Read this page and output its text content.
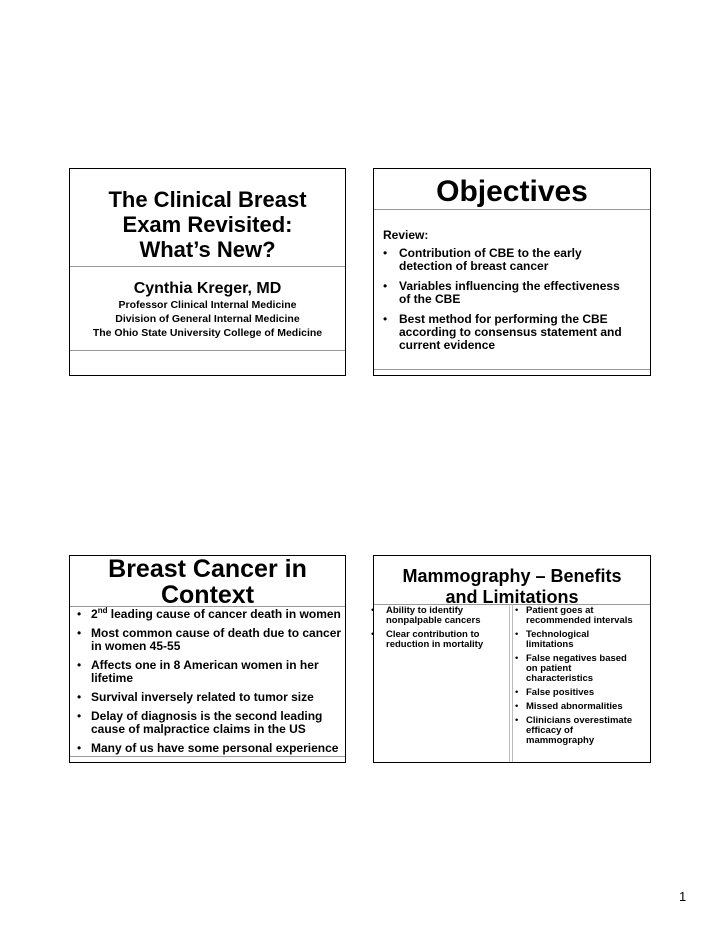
The Clinical Breast
Exam Revisited:
What’s New?
Cynthia Kreger, MD
Professor Clinical Internal Medicine
Division of General Internal Medicine
The Ohio State University College of Medicine
Objectives
Review:
• Contribution of CBE to the early
detection of breast cancer
• Variables influencing the effectiveness
of the CBE
• Best method for performing the CBE
according to consensus statement and
current evidence
Breast Cancer in
Context
• 2nd leading cause of cancer death in women
• Most common cause of death due to cancer
in women 45-55
• Affects one in 8 American women in her
lifetime
• Survival inversely related to tumor size
• Delay of diagnosis is the second leading
cause of malpractice claims in the US
• Many of us have some personal experience
Mammography – Benefits
and Limitations
• Ability to identify
nonpalpable cancers
• Clear contribution to
reduction in mortality
• Patient goes at
recommended intervals
• Technological
limitations
• False negatives based
on patient
characteristics
• False positives
• Missed abnormalities
• Clinicians overestimate
efficacy of
mammography
1
